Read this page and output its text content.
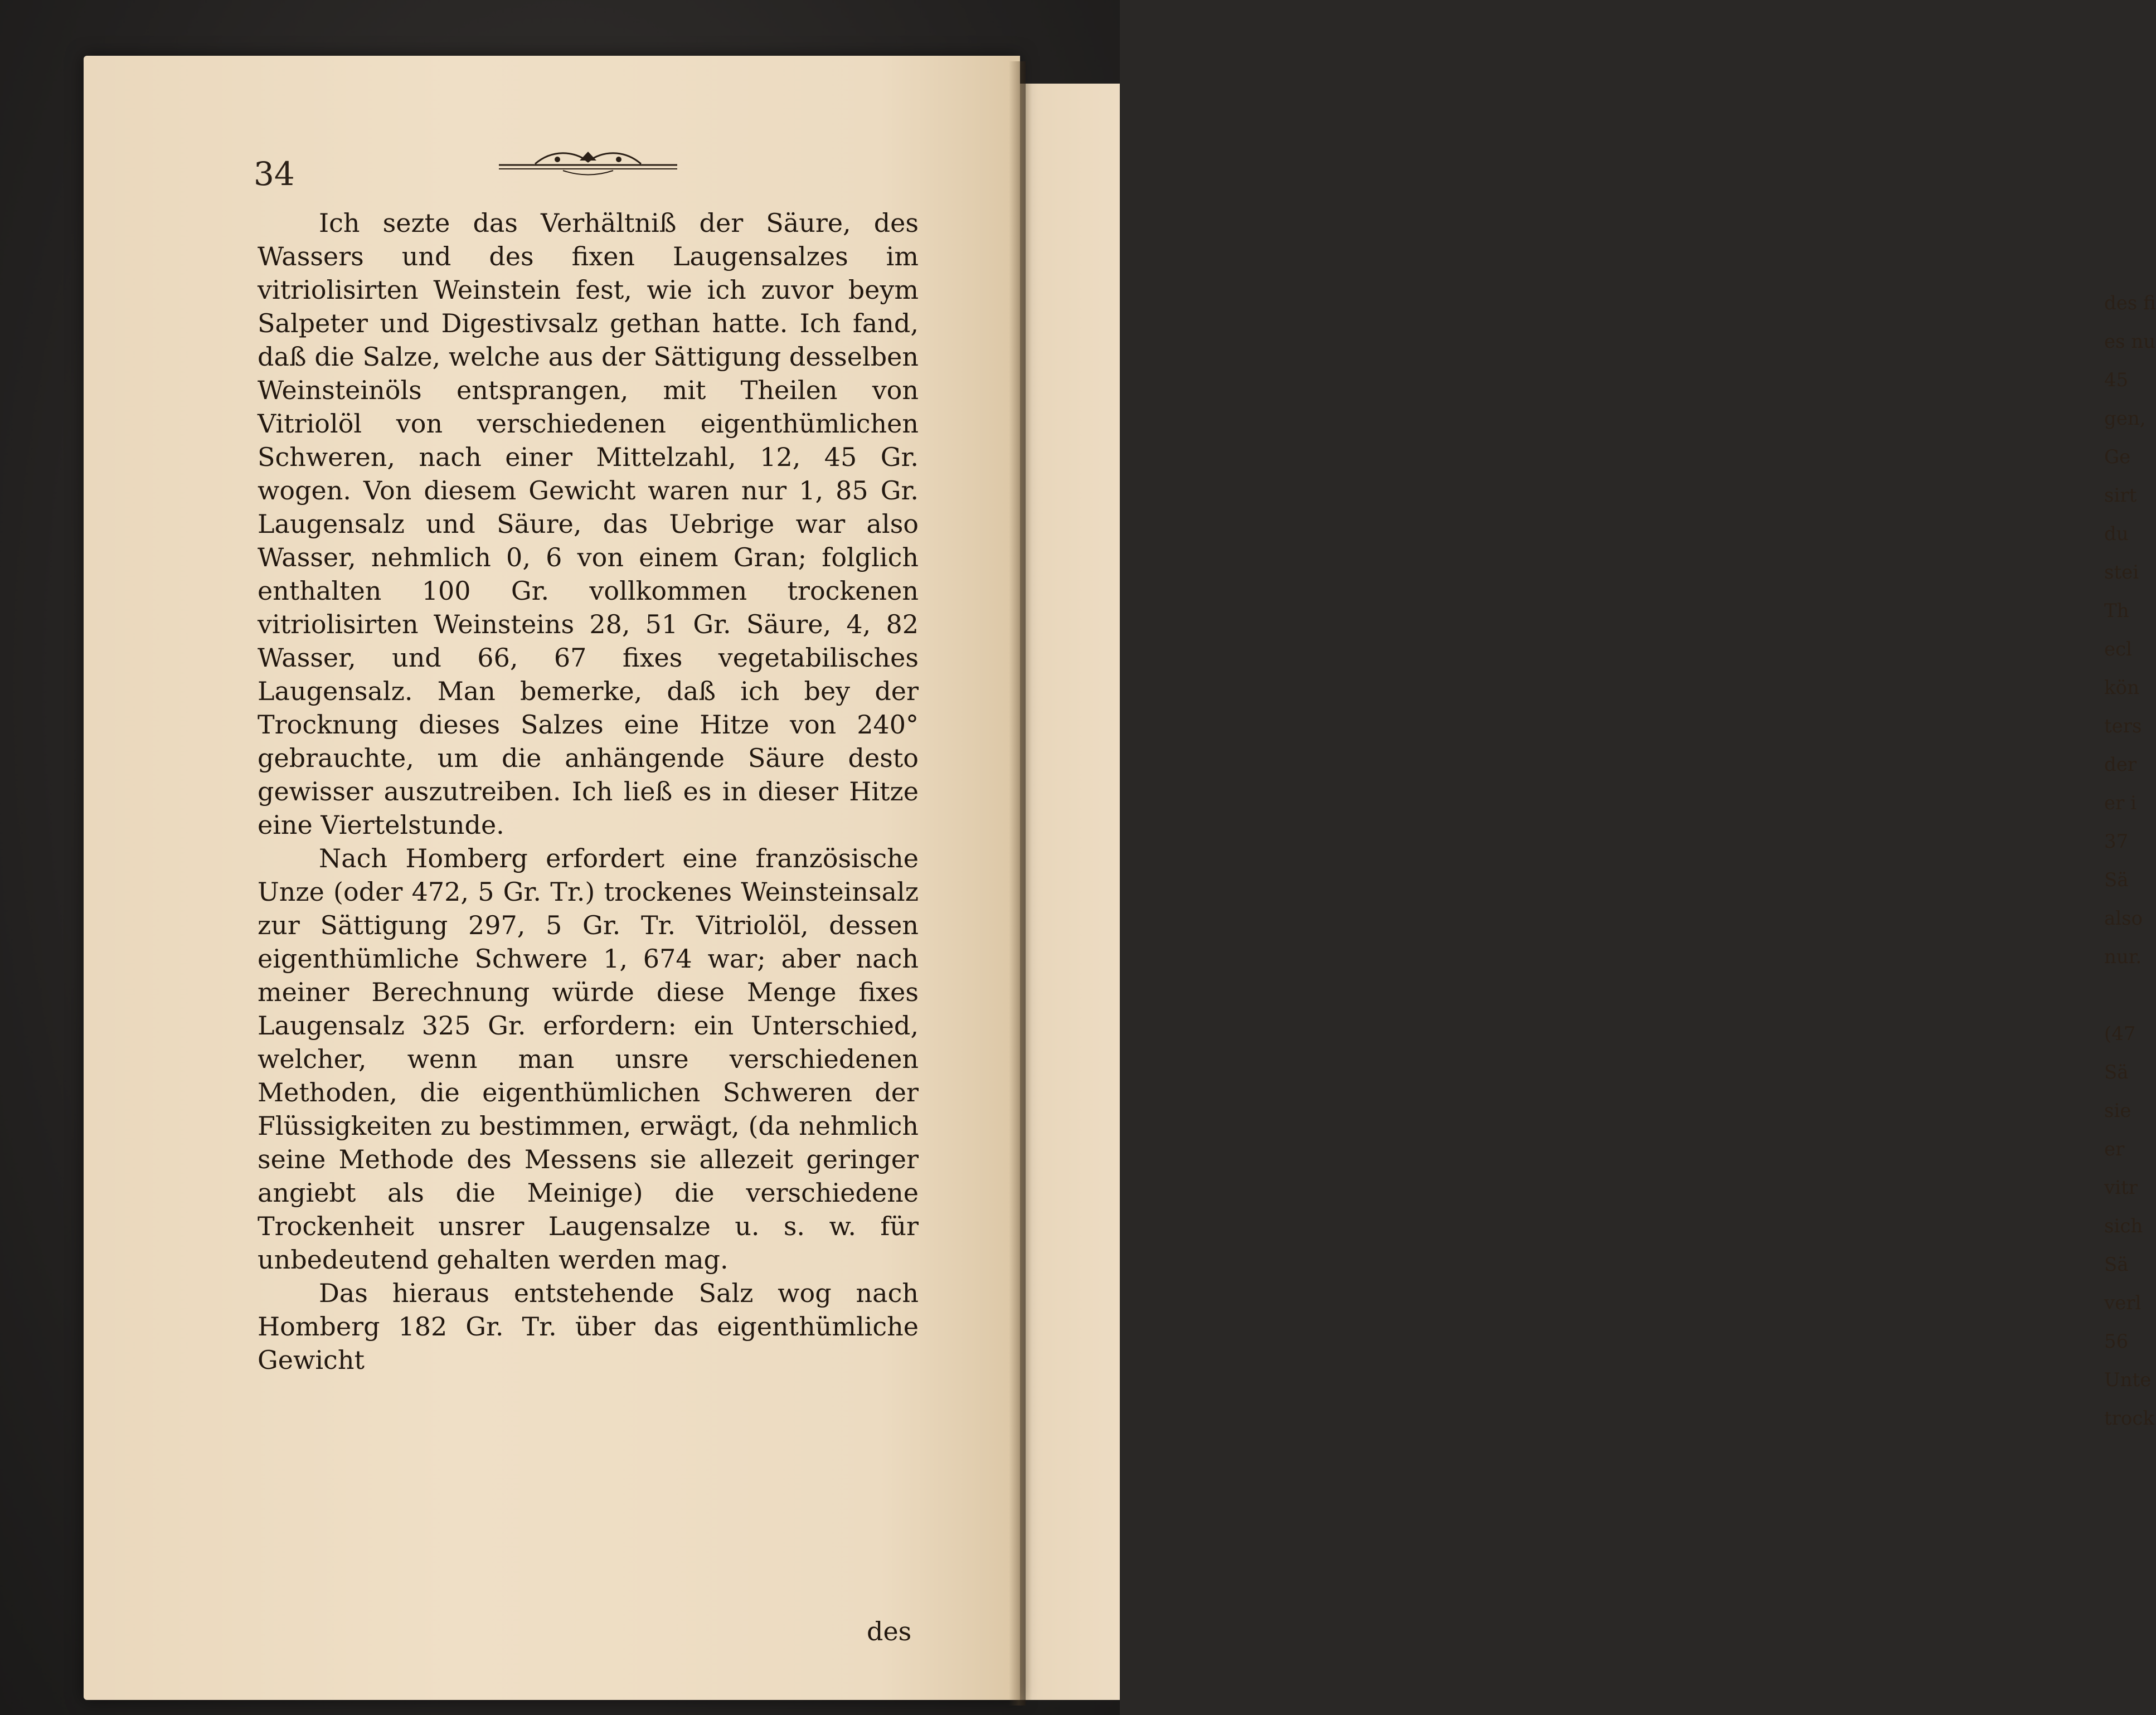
des fi
es nu
45
gen,
Ge
sirt
du
stei
Th
ecl
kön
ters
der
er i
37
Sä
also
nur.
(47
Sä
sie
er
vitr
sich
Sä
verl
56
Unte
trock
34

Ich sezte das Verhältniß der Säure, des Wassers und des fixen Laugensalzes im vitriolisirten Weinstein fest, wie ich zuvor beym Salpeter und Digestivsalz gethan hatte. Ich fand, daß die Salze, welche aus der Sättigung desselben Weinsteinöls entsprangen, mit Theilen von Vitriolöl von verschiedenen eigenthümlichen Schweren, nach einer Mittelzahl, 12, 45 Gr. wogen. Von diesem Gewicht waren nur 1, 85 Gr. Laugensalz und Säure, das Uebrige war also Wasser, nehmlich 0, 6 von einem Gran; folglich enthalten 100 Gr. vollkommen trockenen vitriolisirten Weinsteins 28, 51 Gr. Säure, 4, 82 Wasser, und 66, 67 fixes vegetabilisches Laugensalz. Man bemerke, daß ich bey der Trocknung dieses Salzes eine Hitze von 240° gebrauchte, um die anhängende Säure desto gewisser auszutreiben. Ich ließ es in dieser Hitze eine Viertelstunde.

Nach Homberg erfordert eine französische Unze (oder 472, 5 Gr. Tr.) trockenes Weinsteinsalz zur Sättigung 297, 5 Gr. Tr. Vitriolöl, dessen eigenthümliche Schwere 1, 674 war; aber nach meiner Berechnung würde diese Menge fixes Laugensalz 325 Gr. erfordern: ein Unterschied, welcher, wenn man unsre verschiedenen Methoden, die eigenthümlichen Schweren der Flüssigkeiten zu bestimmen, erwägt, (da nehmlich seine Methode des Messens sie allezeit geringer angiebt als die Meinige) die verschiedene Trockenheit unsrer Laugensalze u. s. w. für unbedeutend gehalten werden mag.

Das hieraus entstehende Salz wog nach Homberg 182 Gr. Tr. über das eigenthümliche Gewicht

des
